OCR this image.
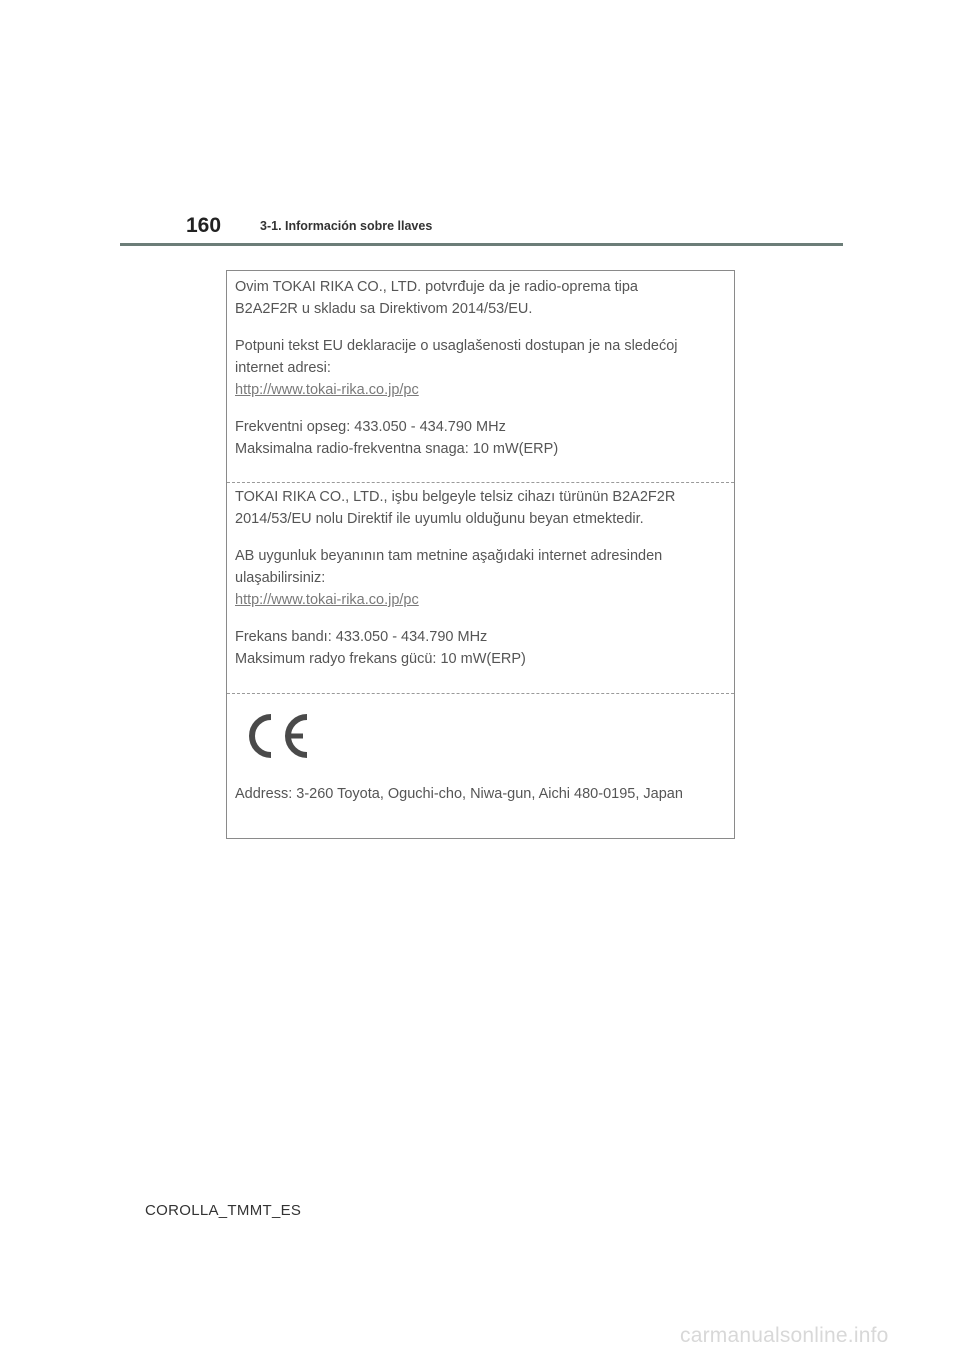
160	3-1. Información sobre llaves

Ovim TOKAI RIKA CO., LTD. potvrđuje da je radio-oprema tipa

B2A2F2R u skladu sa Direktivom 2014/53/EU.

Potpuni tekst EU deklaracije o usaglašenosti dostupan je na sledećoj

internet adresi:

http://www.tokai-rika.co.jp/pc

Frekventni opseg: 433.050 - 434.790 MHz

Maksimalna radio-frekventna snaga: 10 mW(ERP)

TOKAI RIKA CO., LTD., işbu belgeyle telsiz cihazı türünün B2A2F2R

2014/53/EU nolu Direktif ile uyumlu olduğunu beyan etmektedir.

AB uygunluk beyanının tam metnine aşağıdaki internet adresinden

ulaşabilirsiniz:

http://www.tokai-rika.co.jp/pc

Frekans bandı: 433.050 - 434.790 MHz

Maksimum radyo frekans gücü: 10 mW(ERP)

Address: 3-260 Toyota, Oguchi-cho, Niwa-gun, Aichi 480-0195, Japan

COROLLA_TMMT_ES
carmanualsonline.info
